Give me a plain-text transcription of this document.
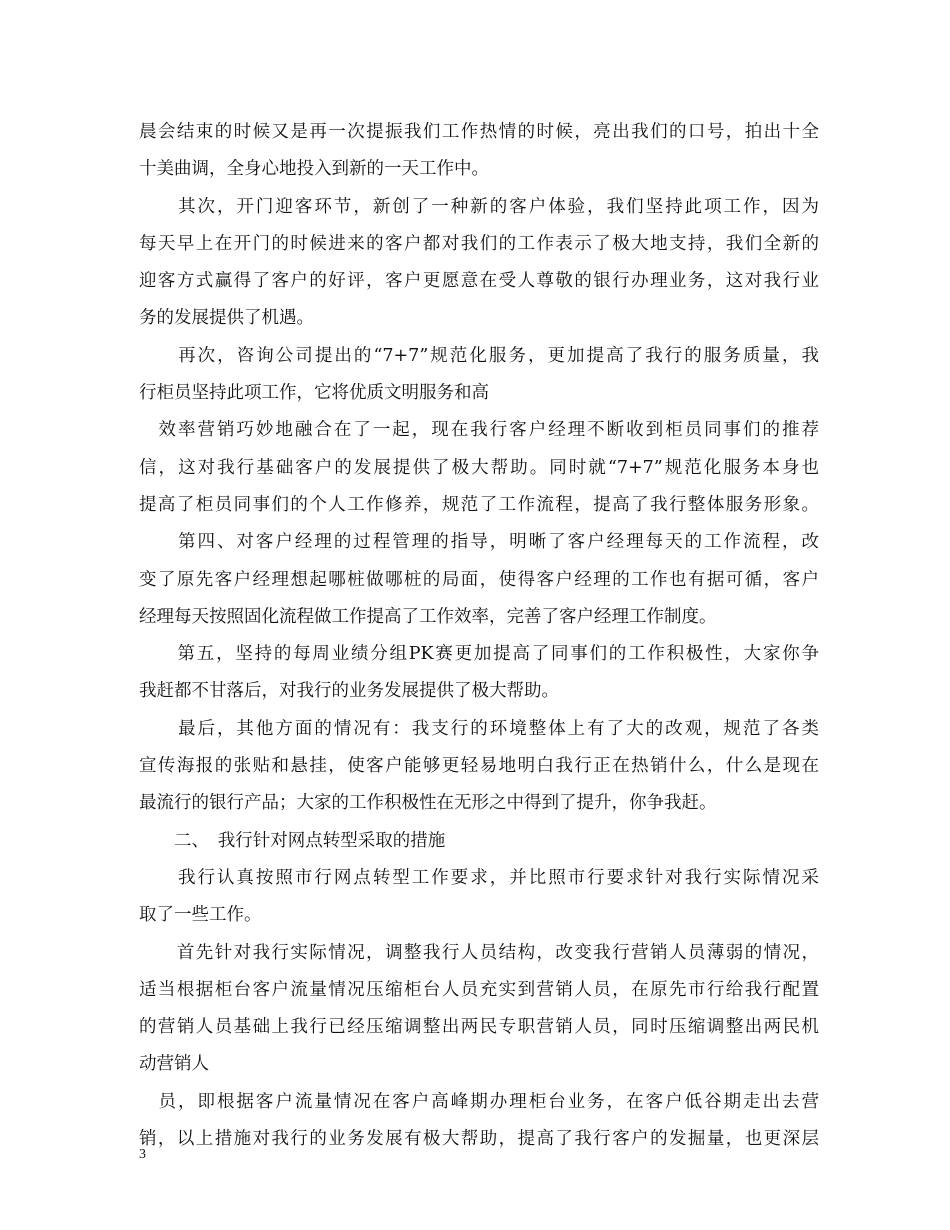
晨会结束的时候又是再一次提振我们工作热情的时候，亮出我们的口号，拍出十全
十美曲调，全身心地投入到新的一天工作中。
　　其次，开门迎客环节，新创了一种新的客户体验，我们坚持此项工作，因为
每天早上在开门的时候进来的客户都对我们的工作表示了极大地支持，我们全新的
迎客方式赢得了客户的好评，客户更愿意在受人尊敬的银行办理业务，这对我行业
务的发展提供了机遇。
　　再次，咨询公司提出的“7+7”规范化服务，更加提高了我行的服务质量，我
行柜员坚持此项工作，它将优质文明服务和高
　效率营销巧妙地融合在了一起，现在我行客户经理不断收到柜员同事们的推荐
信，这对我行基础客户的发展提供了极大帮助。同时就“7+7”规范化服务本身也
提高了柜员同事们的个人工作修养，规范了工作流程，提高了我行整体服务形象。
　　第四、对客户经理的过程管理的指导，明晰了客户经理每天的工作流程，改
变了原先客户经理想起哪桩做哪桩的局面，使得客户经理的工作也有据可循，客户
经理每天按照固化流程做工作提高了工作效率，完善了客户经理工作制度。
　　第五，坚持的每周业绩分组PK赛更加提高了同事们的工作积极性，大家你争
我赶都不甘落后，对我行的业务发展提供了极大帮助。
　　最后，其他方面的情况有：我支行的环境整体上有了大的改观，规范了各类
宣传海报的张贴和悬挂，使客户能够更轻易地明白我行正在热销什么，什么是现在
最流行的银行产品；大家的工作积极性在无形之中得到了提升，你争我赶。
　　二、　我行针对网点转型采取的措施
　　我行认真按照市行网点转型工作要求，并比照市行要求针对我行实际情况采
取了一些工作。
　　首先针对我行实际情况，调整我行人员结构，改变我行营销人员薄弱的情况，
适当根据柜台客户流量情况压缩柜台人员充实到营销人员，在原先市行给我行配置
的营销人员基础上我行已经压缩调整出两民专职营销人员，同时压缩调整出两民机
动营销人
　员，即根据客户流量情况在客户高峰期办理柜台业务，在客户低谷期走出去营
销，以上措施对我行的业务发展有极大帮助，提高了我行客户的发掘量，也更深层
3
